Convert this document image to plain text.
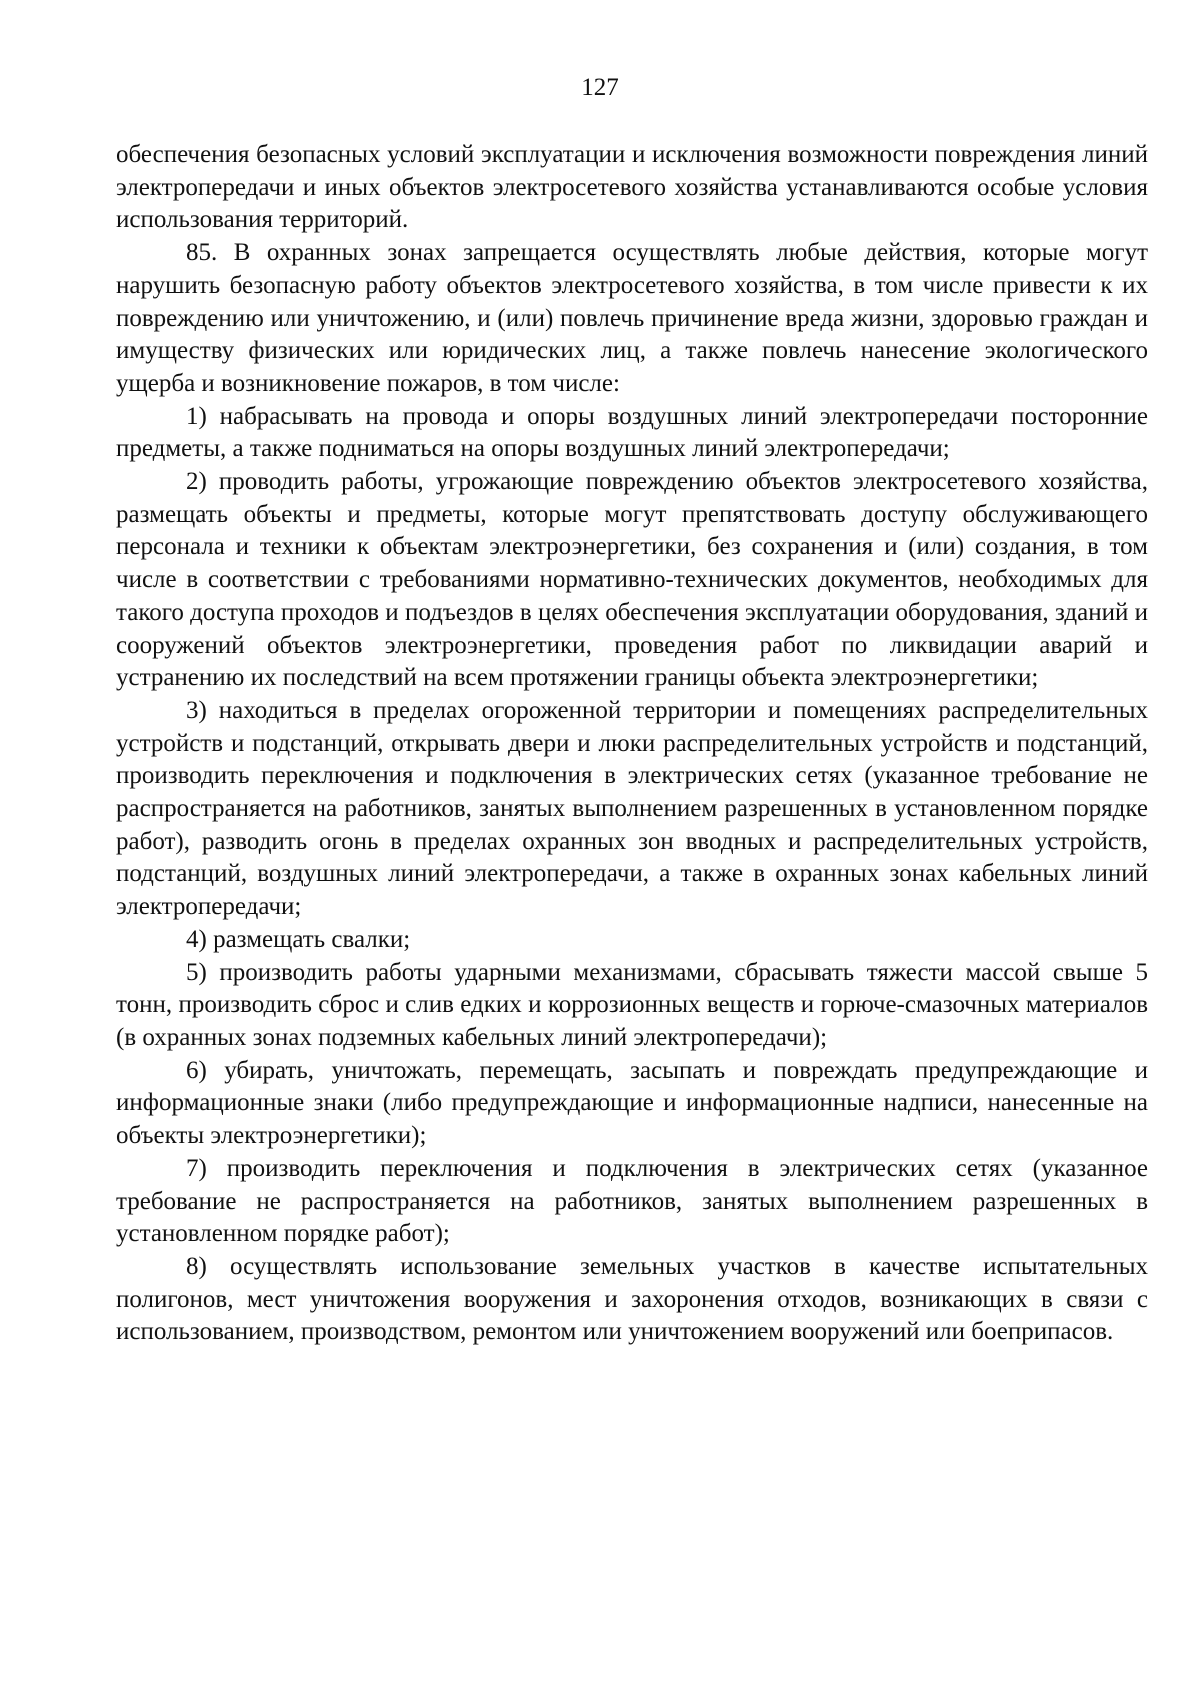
127

обеспечения безопасных условий эксплуатации и исключения возможности повреждения линий электропередачи и иных объектов электросетевого хозяйства устанавливаются особые условия использования территорий.

85. В охранных зонах запрещается осуществлять любые действия, которые могут нарушить безопасную работу объектов электросетевого хозяйства, в том числе привести к их повреждению или уничтожению, и (или) повлечь причинение вреда жизни, здоровью граждан и имуществу физических или юридических лиц, а также повлечь нанесение экологического ущерба и возникновение пожаров, в том числе:

1) набрасывать на провода и опоры воздушных линий электропередачи посторонние предметы, а также подниматься на опоры воздушных линий электропередачи;

2) проводить работы, угрожающие повреждению объектов электросетевого хозяйства, размещать объекты и предметы, которые могут препятствовать доступу обслуживающего персонала и техники к объектам электроэнергетики, без сохранения и (или) создания, в том числе в соответствии с требованиями нормативно-технических документов, необходимых для такого доступа проходов и подъездов в целях обеспечения эксплуатации оборудования, зданий и сооружений объектов электроэнергетики, проведения работ по ликвидации аварий и устранению их последствий на всем протяжении границы объекта электроэнергетики;

3) находиться в пределах огороженной территории и помещениях распределительных устройств и подстанций, открывать двери и люки распределительных устройств и подстанций, производить переключения и подключения в электрических сетях (указанное требование не распространяется на работников, занятых выполнением разрешенных в установленном порядке работ), разводить огонь в пределах охранных зон вводных и распределительных устройств, подстанций, воздушных линий электропередачи, а также в охранных зонах кабельных линий электропередачи;

4) размещать свалки;

5) производить работы ударными механизмами, сбрасывать тяжести массой свыше 5 тонн, производить сброс и слив едких и коррозионных веществ и горюче-смазочных материалов (в охранных зонах подземных кабельных линий электропередачи);

6) убирать, уничтожать, перемещать, засыпать и повреждать предупреждающие и информационные знаки (либо предупреждающие и информационные надписи, нанесенные на объекты электроэнергетики);

7) производить переключения и подключения в электрических сетях (указанное требование не распространяется на работников, занятых выполнением разрешенных в установленном порядке работ);

8) осуществлять использование земельных участков в качестве испытательных полигонов, мест уничтожения вооружения и захоронения отходов, возникающих в связи с использованием, производством, ремонтом или уничтожением вооружений или боеприпасов.
